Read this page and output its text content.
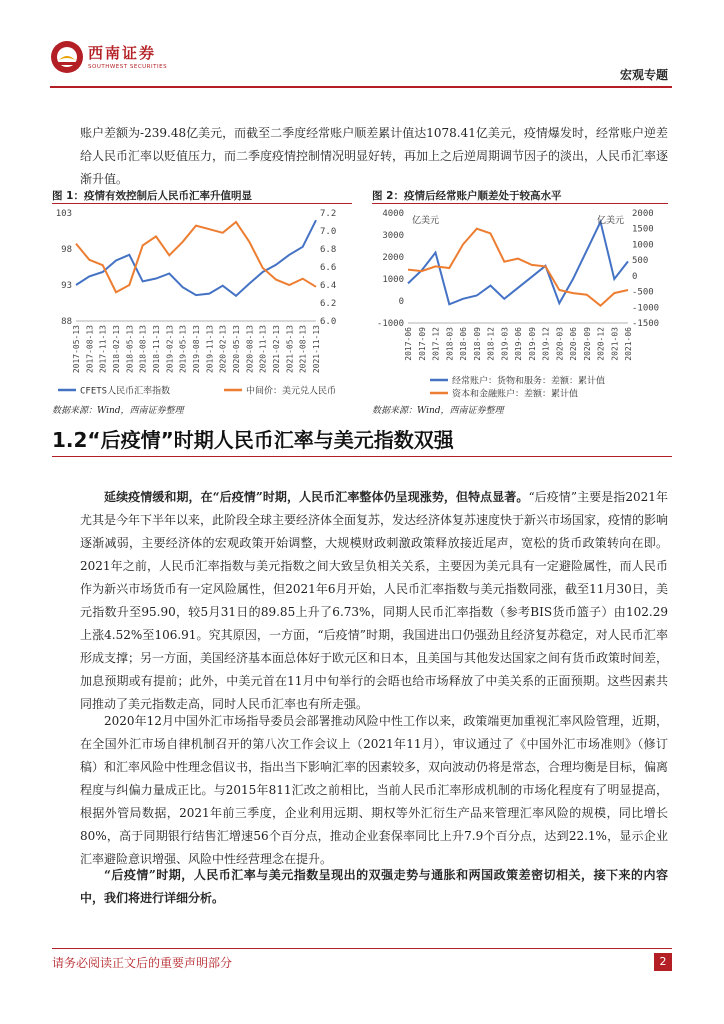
西南证券
SOUTHWEST SECURITIES
宏观专题

账户差额为-239.48亿美元，而截至二季度经常账户顺差累计值达1078.41亿美元，疫情爆发时，经常账户逆差给人民币汇率以贬值压力，而二季度疫情控制情况明显好转，再加上之后逆周期调节因子的淡出，人民币汇率逐渐升值。

图 1：疫情有效控制后人民币汇率升值明显	图 2：疫情后经常账户顺差处于较高水平
103
98
93
88
7.2
7.0
6.8
6.6
6.4
6.2
6.0
2017-05-13 2017-08-13 2017-11-13 2018-02-13 2018-05-13 2018-08-13 2018-11-13 2019-02-13 2019-05-13 2019-08-13 2019-11-13 2020-02-13 2020-05-13 2020-08-13 2020-11-13 2021-02-13 2021-05-13 2021-08-13 2021-11-13
CFETS人民币汇率指数	中间价：美元兑人民币
4000
3000
2000
1000
0
-1000
2000
1500
1000
500
0
-500
-1000
-1500
2017-06 2017-09 2017-12 2018-03 2018-06 2018-09 2018-12 2019-03 2019-06 2019-09 2019-12 2020-03 2020-06 2020-09 2020-12 2021-03 2021-06
经常账户：货物和服务：差额：累计值
资本和金融账户：差额：累计值
亿美元	亿美元
数据来源：Wind，西南证券整理	数据来源：Wind，西南证券整理
1.2“后疫情”时期人民币汇率与美元指数双强

延续疫情缓和期，在“后疫情”时期，人民币汇率整体仍呈现涨势，但特点显著。“后疫情”主要是指2021年尤其是今年下半年以来，此阶段全球主要经济体全面复苏，发达经济体复苏速度快于新兴市场国家，疫情的影响逐渐减弱，主要经济体的宏观政策开始调整，大规模财政刺激政策释放接近尾声，宽松的货币政策转向在即。2021年之前，人民币汇率指数与美元指数之间大致呈负相关关系，主要因为美元具有一定避险属性，而人民币作为新兴市场货币有一定风险属性，但2021年6月开始，人民币汇率指数与美元指数同涨，截至11月30日，美元指数升至95.90，较5月31日的89.85上升了6.73%，同期人民币汇率指数（参考BIS货币篮子）由102.29上涨4.52%至106.91。究其原因，一方面，“后疫情”时期，我国进出口仍强劲且经济复苏稳定，对人民币汇率形成支撑；另一方面，美国经济基本面总体好于欧元区和日本，且美国与其他发达国家之间有货币政策时间差，加息预期或有提前；此外，中美元首在11月中旬举行的会晤也给市场释放了中美关系的正面预期。这些因素共同推动了美元指数走高，同时人民币汇率也有所走强。

2020年12月中国外汇市场指导委员会部署推动风险中性工作以来，政策端更加重视汇率风险管理，近期，在全国外汇市场自律机制召开的第八次工作会议上（2021年11月），审议通过了《中国外汇市场准则》（修订稿）和汇率风险中性理念倡议书，指出当下影响汇率的因素较多，双向波动仍将是常态，合理均衡是目标，偏离程度与纠偏力量成正比。与2015年811汇改之前相比，当前人民币汇率形成机制的市场化程度有了明显提高，根据外管局数据，2021年前三季度，企业利用远期、期权等外汇衍生产品来管理汇率风险的规模，同比增长80%，高于同期银行结售汇增速56个百分点，推动企业套保率同比上升7.9个百分点，达到22.1%，显示企业汇率避险意识增强、风险中性经营理念在提升。

“后疫情”时期，人民币汇率与美元指数呈现出的双强走势与通胀和两国政策差密切相关，接下来的内容中，我们将进行详细分析。

请务必阅读正文后的重要声明部分	2
